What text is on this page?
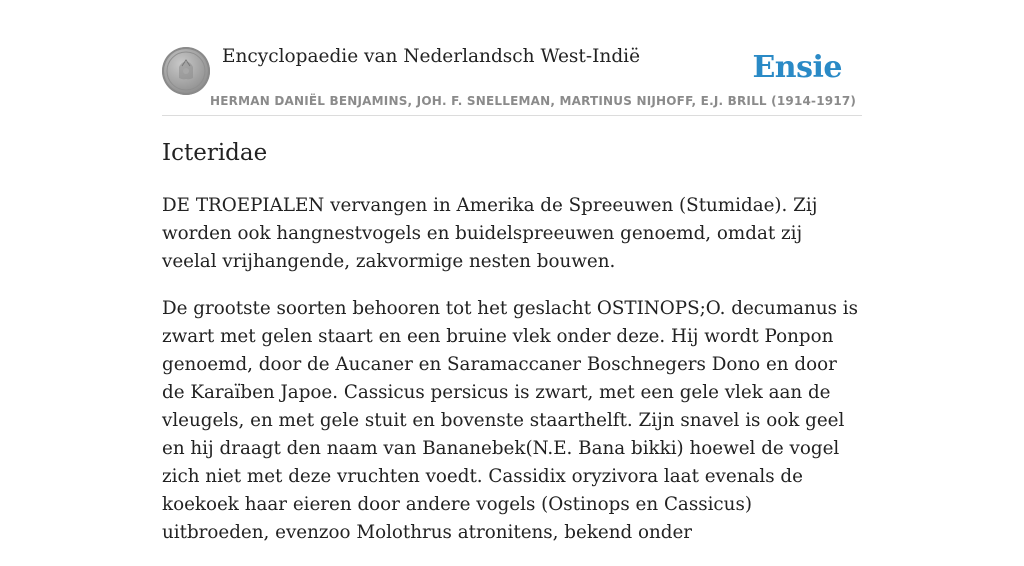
Encyclopaedie van Nederlandsch West-Indië	Ensie
HERMAN DANIËL BENJAMINS, JOH. F. SNELLEMAN, MARTINUS NIJHOFF, E.J. BRILL (1914-1917)
Icteridae

DE TROEPIALEN vervangen in Amerika de Spreeuwen (Stumidae). Zij worden ook hangnestvogels en buidelspreeuwen genoemd, omdat zij veelal vrijhangende, zakvormige nesten bouwen.

De grootste soorten behooren tot het geslacht OSTINOPS;O. decumanus is zwart met gelen staart en een bruine vlek onder deze. Hij wordt Ponpon genoemd, door de Aucaner en Saramaccaner Boschnegers Dono en door de Karaïben Japoe. Cassicus persicus is zwart, met een gele vlek aan de vleugels, en met gele stuit en bovenste staarthelft. Zijn snavel is ook geel en hij draagt den naam van Bananebek(N.E. Bana bikki) hoewel de vogel zich niet met deze vruchten voedt. Cassidix oryzivora laat evenals de koekoek haar eieren door andere vogels (Ostinops en Cassicus) uitbroeden, evenzoo Molothrus atronitens, bekend onder
